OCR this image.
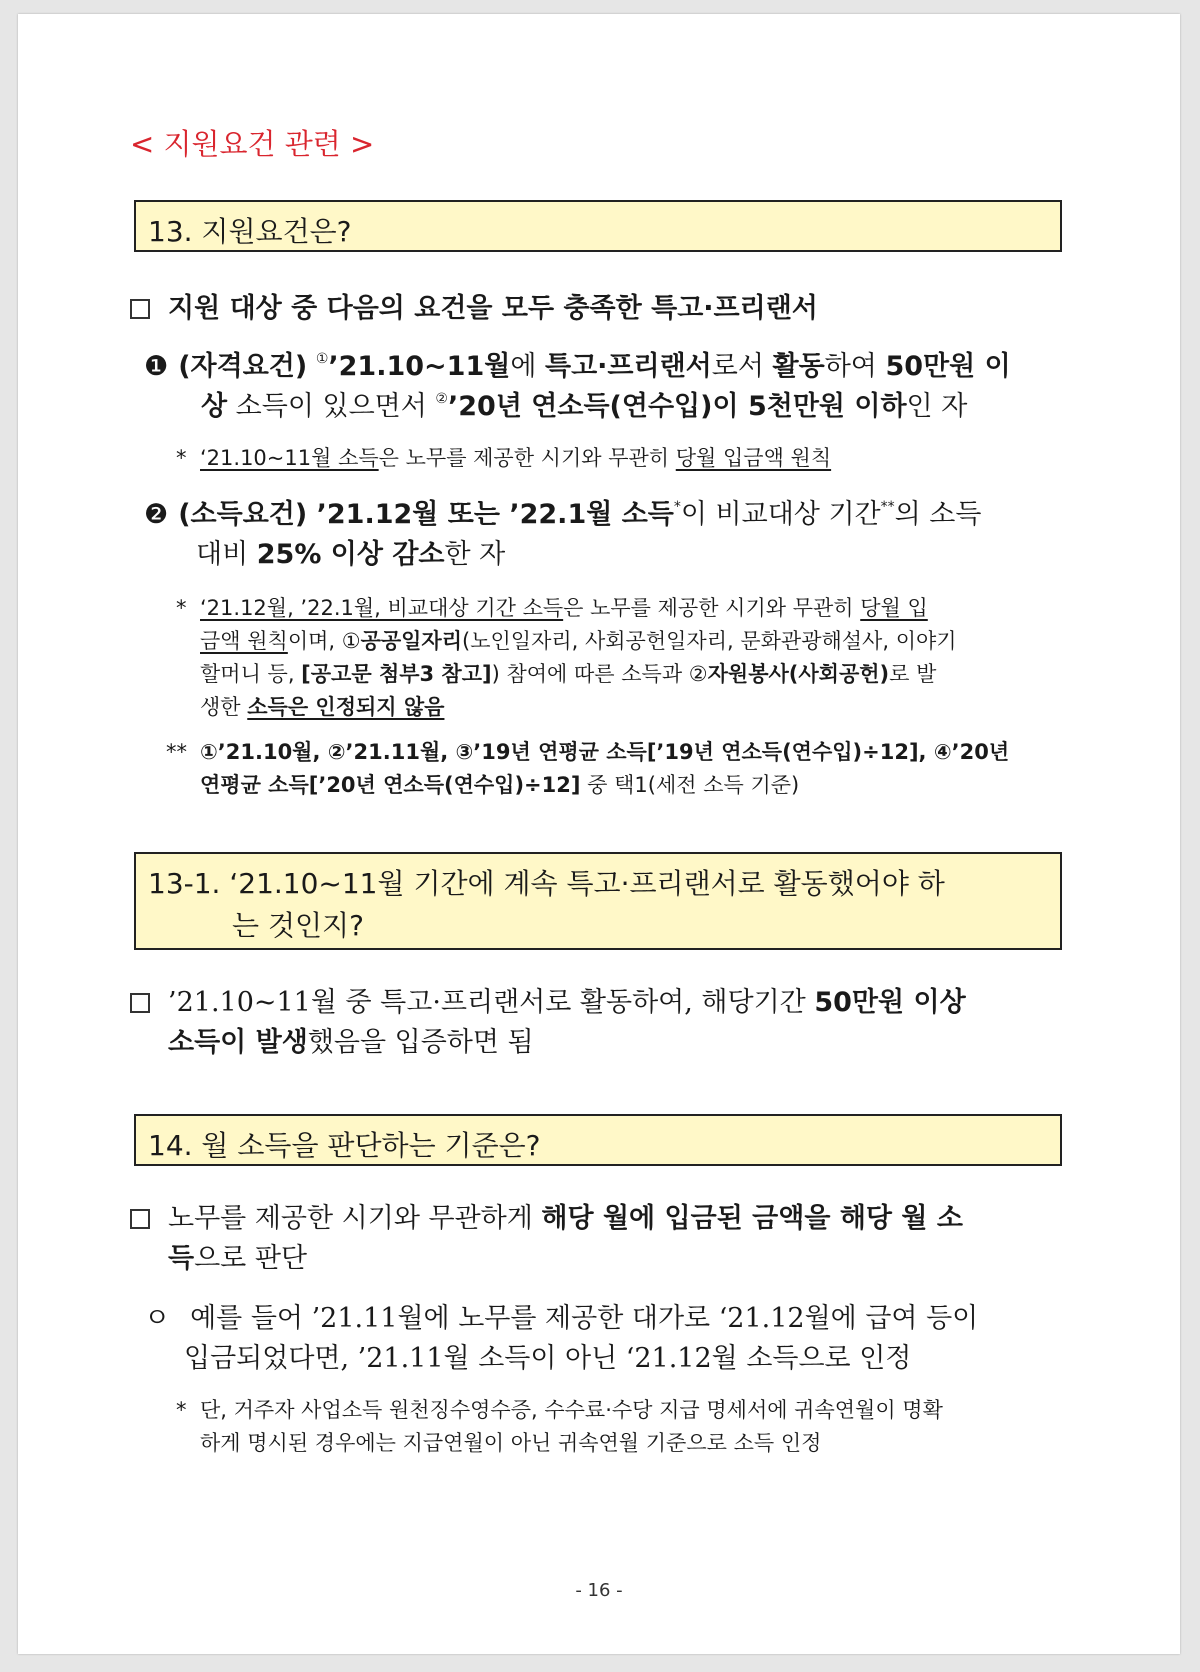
< 지원요건 관련 >
13. 지원요건은?
지원 대상 중 다음의 요건을 모두 충족한 특고·프리랜서
❶ (자격요건) ①’21.10~11월에 특고·프리랜서로서 활동하여 50만원 이
상 소득이 있으면서 ②’20년 연소득(연수입)이 5천만원 이하인 자
* ‘21.10~11월 소득은 노무를 제공한 시기와 무관히 당월 입금액 원칙
❷ (소득요건) ’21.12월 또는 ’22.1월 소득*이 비교대상 기간**의 소득
대비 25% 이상 감소한 자
* ‘21.12월, ’22.1월, 비교대상 기간 소득은 노무를 제공한 시기와 무관히 당월 입
금액 원칙이며, ①공공일자리(노인일자리, 사회공헌일자리, 문화관광해설사, 이야기
할머니 등, [공고문 첨부3 참고]) 참여에 따른 소득과 ②자원봉사(사회공헌)로 발
생한 소득은 인정되지 않음
** ①’21.10월, ②’21.11월, ③’19년 연평균 소득[’19년 연소득(연수입)÷12], ④’20년
연평균 소득[’20년 연소득(연수입)÷12] 중 택1(세전 소득 기준)
13-1. ‘21.10~11월 기간에 계속 특고·프리랜서로 활동했어야 하
는 것인지?
’21.10~11월 중 특고·프리랜서로 활동하여, 해당기간 50만원 이상
소득이 발생했음을 입증하면 됨
14. 월 소득을 판단하는 기준은?
노무를 제공한 시기와 무관하게 해당 월에 입금된 금액을 해당 월 소
득으로 판단
ㅇ 예를 들어 ’21.11월에 노무를 제공한 대가로 ‘21.12월에 급여 등이
입금되었다면, ’21.11월 소득이 아닌 ‘21.12월 소득으로 인정
* 단, 거주자 사업소득 원천징수영수증, 수수료·수당 지급 명세서에 귀속연월이 명확
하게 명시된 경우에는 지급연월이 아닌 귀속연월 기준으로 소득 인정
- 16 -
